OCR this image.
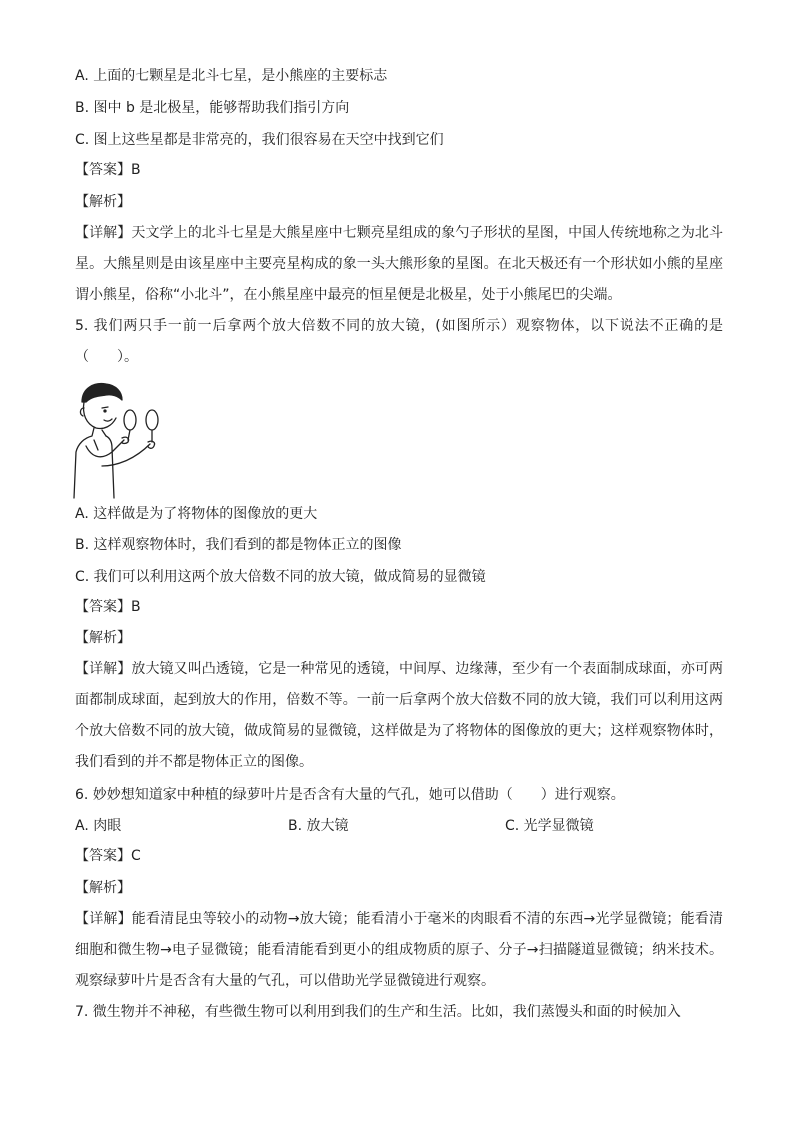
A. 上面的七颗星是北斗七星，是小熊座的主要标志
B. 图中 b 是北极星，能够帮助我们指引方向
C. 图上这些星都是非常亮的，我们很容易在天空中找到它们
【答案】B
【解析】
【详解】天文学上的北斗七星是大熊星座中七颗亮星组成的象勺子形状的星图，中国人传统地称之为北斗星。大熊星则是由该星座中主要亮星构成的象一头大熊形象的星图。在北天极还有一个形状如小熊的星座谓小熊星，俗称“小北斗”，在小熊星座中最亮的恒星便是北极星，处于小熊尾巴的尖端。
5. 我们两只手一前一后拿两个放大倍数不同的放大镜，(如图所示）观察物体，以下说法不正确的是（　　）。
A. 这样做是为了将物体的图像放的更大
B. 这样观察物体时，我们看到的都是物体正立的图像
C. 我们可以利用这两个放大倍数不同的放大镜，做成简易的显微镜
【答案】B
【解析】
【详解】放大镜又叫凸透镜，它是一种常见的透镜，中间厚、边缘薄，至少有一个表面制成球面，亦可两面都制成球面，起到放大的作用，倍数不等。一前一后拿两个放大倍数不同的放大镜，我们可以利用这两个放大倍数不同的放大镜，做成简易的显微镜，这样做是为了将物体的图像放的更大；这样观察物体时，我们看到的并不都是物体正立的图像。
6. 妙妙想知道家中种植的绿萝叶片是否含有大量的气孔，她可以借助（　　）进行观察。
A. 肉眼	B. 放大镜	C. 光学显微镜
【答案】C
【解析】
【详解】能看清昆虫等较小的动物→放大镜；能看清小于毫米的肉眼看不清的东西→光学显微镜；能看清细胞和微生物→电子显微镜；能看清能看到更小的组成物质的原子、分子→扫描隧道显微镜；纳米技术。观察绿萝叶片是否含有大量的气孔，可以借助光学显微镜进行观察。
7. 微生物并不神秘，有些微生物可以利用到我们的生产和生活。比如，我们蒸馒头和面的时候加入
